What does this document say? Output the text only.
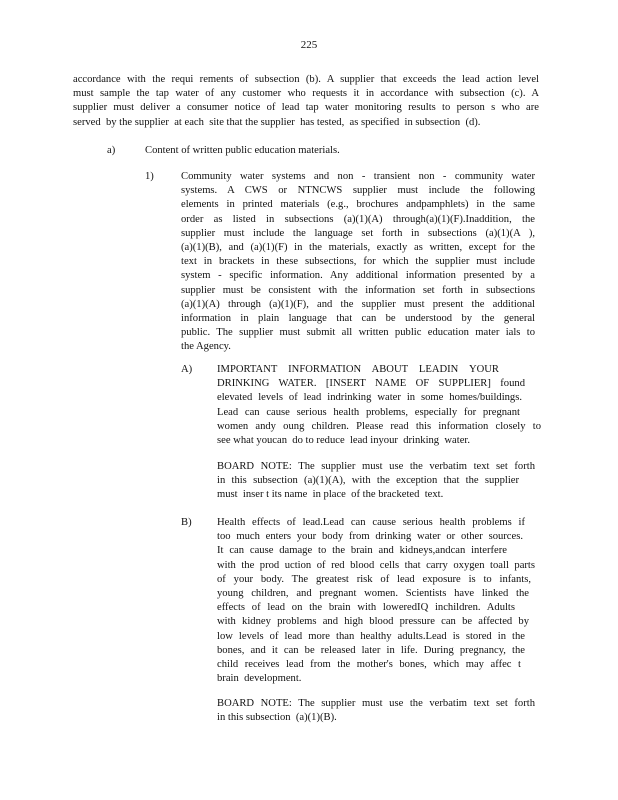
225
accordance with the requi rements of subsection (b). A supplier that exceeds the lead action level
must sample the tap water of any customer who requests it in accordance with subsection (c). A
supplier must deliver a consumer notice of lead tap water monitoring results to person s who are
served  by the supplier  at each  site that the supplier  has tested,  as specified  in subsection  (d).
a)	Content of written public education materials.
1)	Community water systems and non - transient non - community water
systems. A CWS or NTNCWS supplier must include the following
elements in printed materials (e.g., brochures andpamphlets) in the same
order as listed in subsections (a)(1)(A) through(a)(1)(F).Inaddition, the
supplier must include the language set forth in subsections (a)(1)(A ),
(a)(1)(B), and (a)(1)(F) in the materials, exactly as written, except for the
text in brackets in these subsections, for which the supplier must include
system - specific information. Any additional information presented by a
supplier must be consistent with the information set forth in subsections
(a)(1)(A) through (a)(1)(F), and the supplier must present the additional
information in plain language that can be understood by the general
public. The supplier must submit all written public education mater ials to
the Agency.
A) IMPORTANT INFORMATION ABOUT LEADIN YOUR
DRINKING WATER. [INSERT NAME OF SUPPLIER] found
elevated levels of lead indrinking water in some homes/buildings.
Lead can cause serious health problems, especially for pregnant
women andy oung children. Please read this information closely to
see what youcan  do to reduce  lead inyour  drinking  water.
BOARD NOTE: The supplier must use the verbatim text set forth
in this subsection (a)(1)(A), with the exception that the supplier
must  inser t its name  in place  of the bracketed  text.
B) Health effects of lead.Lead can cause serious health problems if
too much enters your body from drinking water or other sources.
It can cause damage to the brain and kidneys,andcan interfere
with the prod uction of red blood cells that carry oxygen toall parts
of your body. The greatest risk of lead exposure is to infants,
young children, and pregnant women. Scientists have linked the
effects of lead on the brain with loweredIQ inchildren. Adults
with kidney problems and high blood pressure can be affected by
low levels of lead more than healthy adults.Lead is stored in the
bones, and it can be released later in life. During pregnancy, the
child receives lead from the mother's bones, which may affec t
brain  development.
BOARD NOTE: The supplier must use the verbatim text set forth
in this subsection  (a)(1)(B).
